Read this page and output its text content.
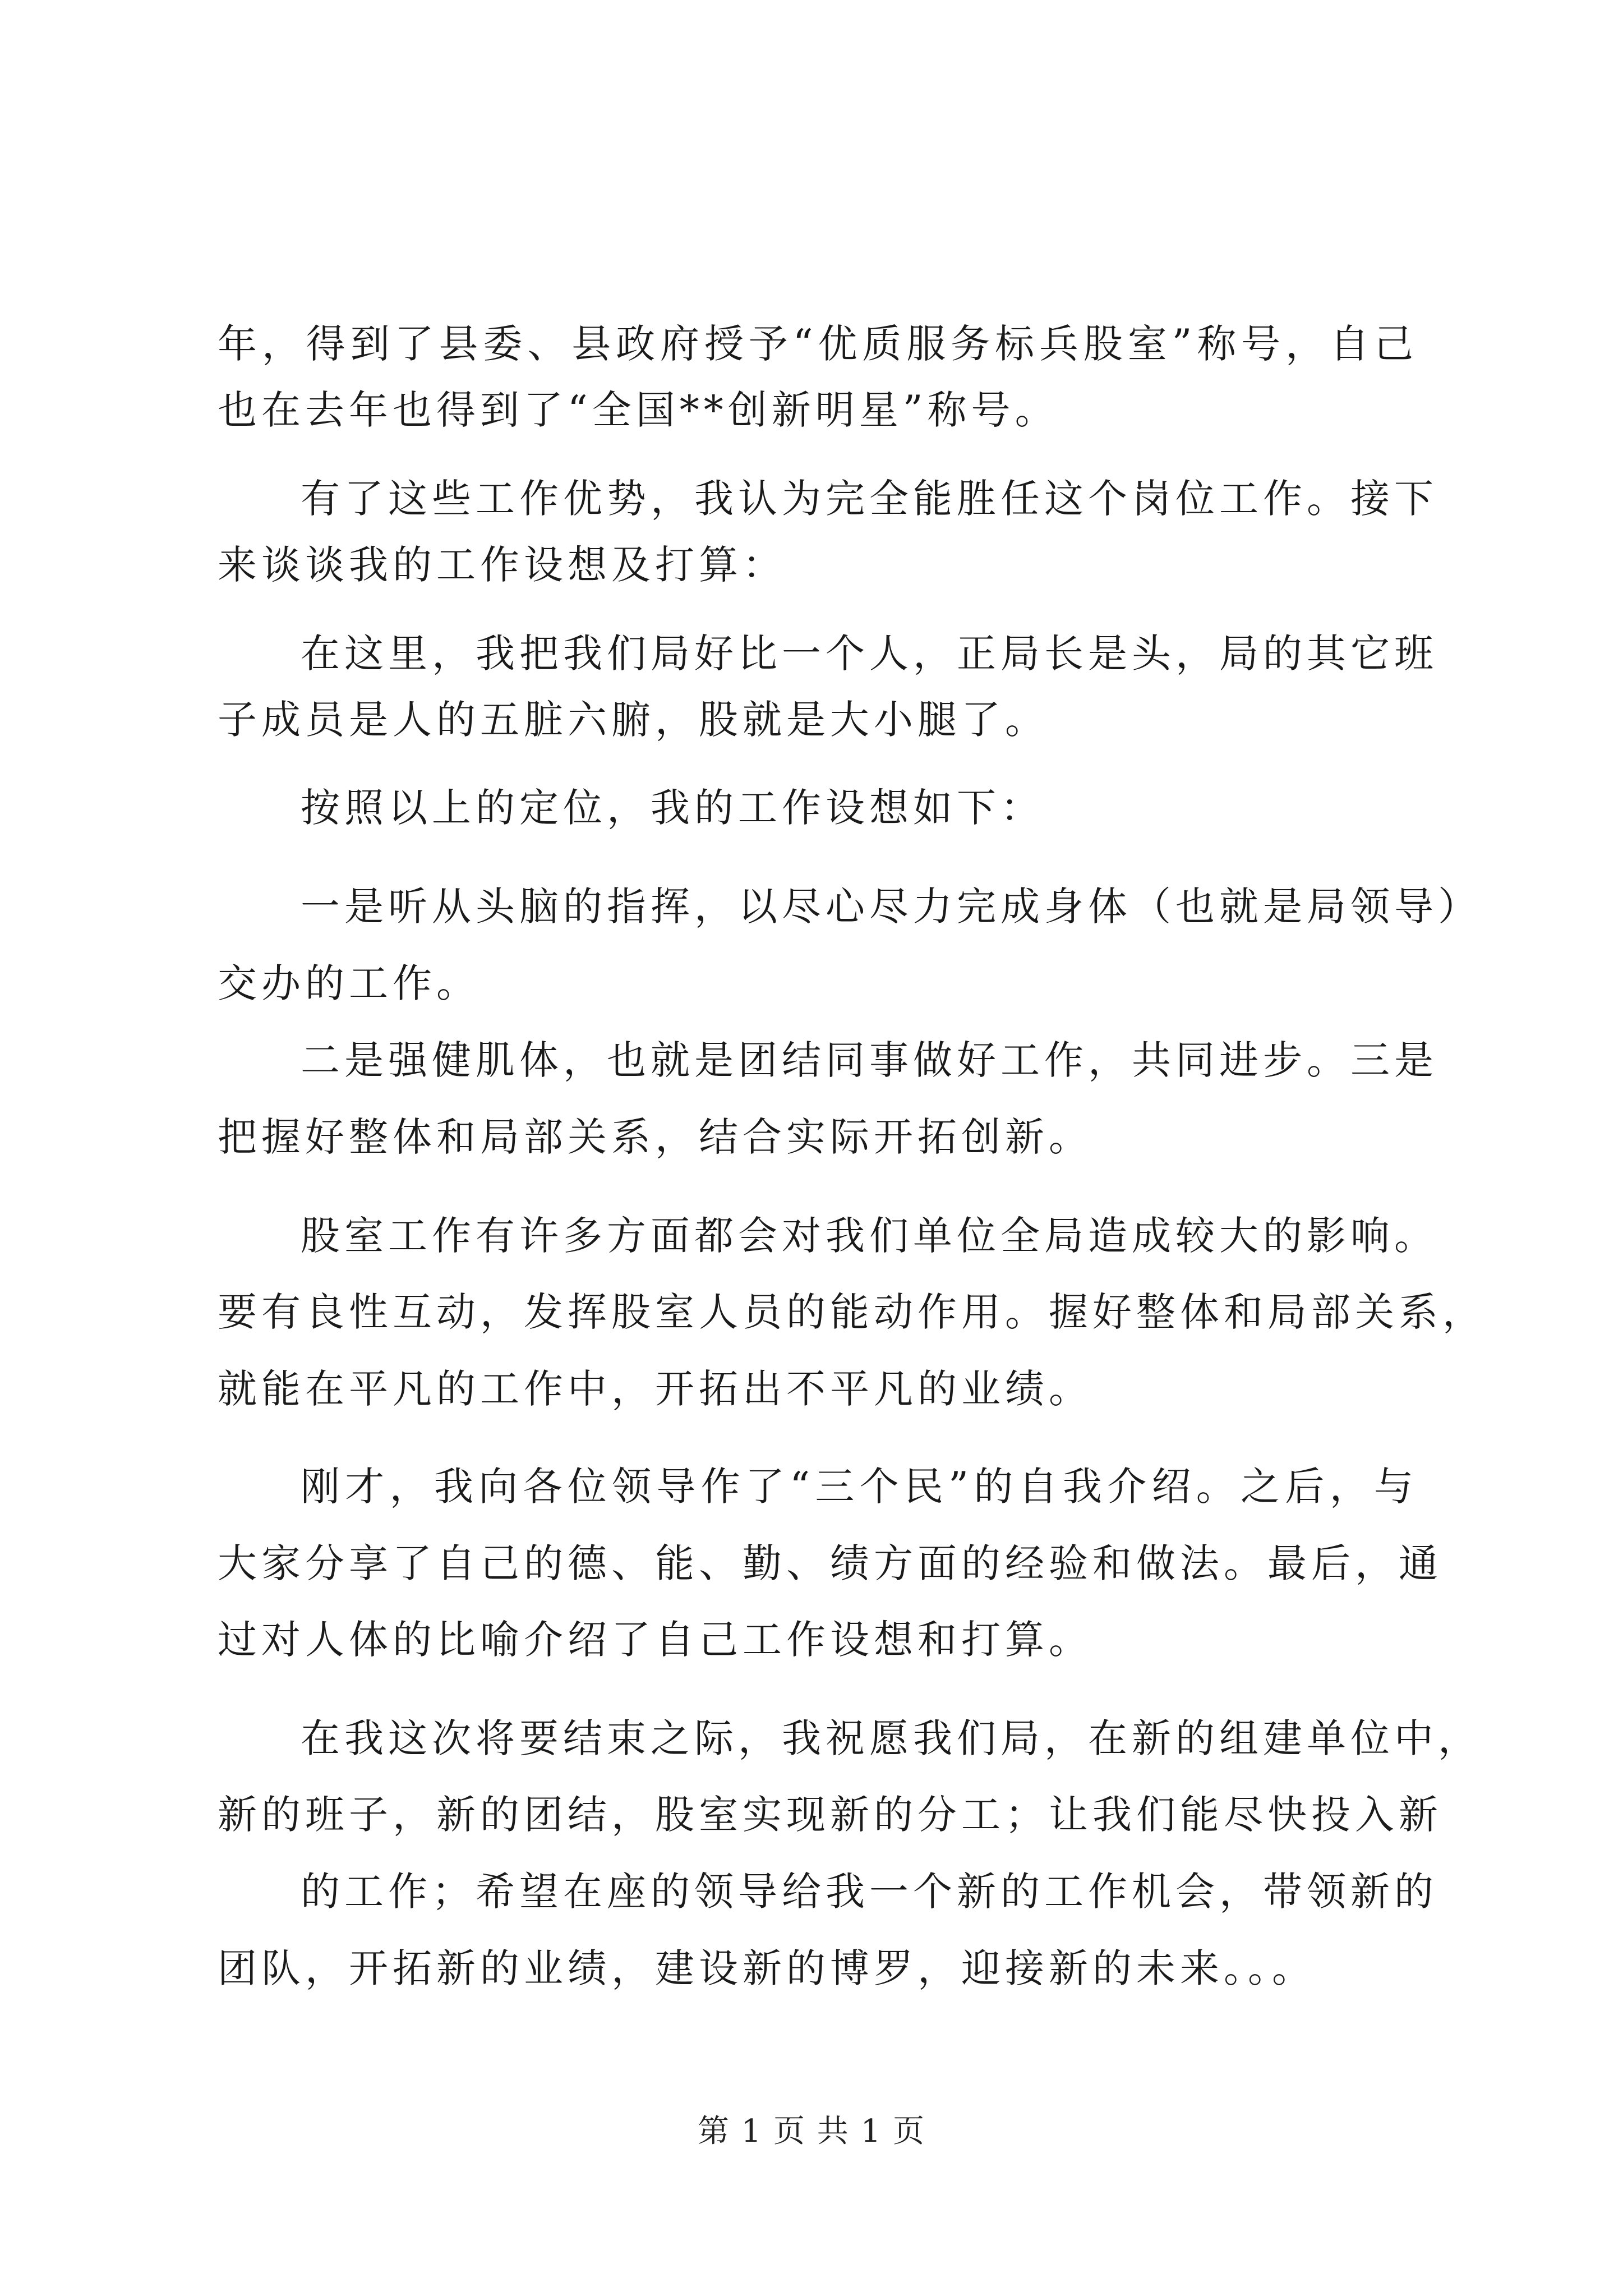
年，得到了县委、县政府授予“优质服务标兵股室”称号，自己
也在去年也得到了“全国**创新明星”称号。
有了这些工作优势，我认为完全能胜任这个岗位工作。接下
来谈谈我的工作设想及打算：
在这里，我把我们局好比一个人，正局长是头，局的其它班
子成员是人的五脏六腑，股就是大小腿了。
按照以上的定位，我的工作设想如下：
一是听从头脑的指挥，以尽心尽力完成身体（也就是局领导）
交办的工作。
二是强健肌体，也就是团结同事做好工作，共同进步。三是
把握好整体和局部关系，结合实际开拓创新。
股室工作有许多方面都会对我们单位全局造成较大的影响。
要有良性互动，发挥股室人员的能动作用。握好整体和局部关系，
就能在平凡的工作中，开拓出不平凡的业绩。
刚才，我向各位领导作了“三个民”的自我介绍。之后，与
大家分享了自己的德、能、勤、绩方面的经验和做法。最后，通
过对人体的比喻介绍了自己工作设想和打算。
在我这次将要结束之际，我祝愿我们局，在新的组建单位中，
新的班子，新的团结，股室实现新的分工；让我们能尽快投入新
的工作；希望在座的领导给我一个新的工作机会，带领新的
团队，开拓新的业绩，建设新的博罗，迎接新的未来。。。
第 1 页 共 1 页
